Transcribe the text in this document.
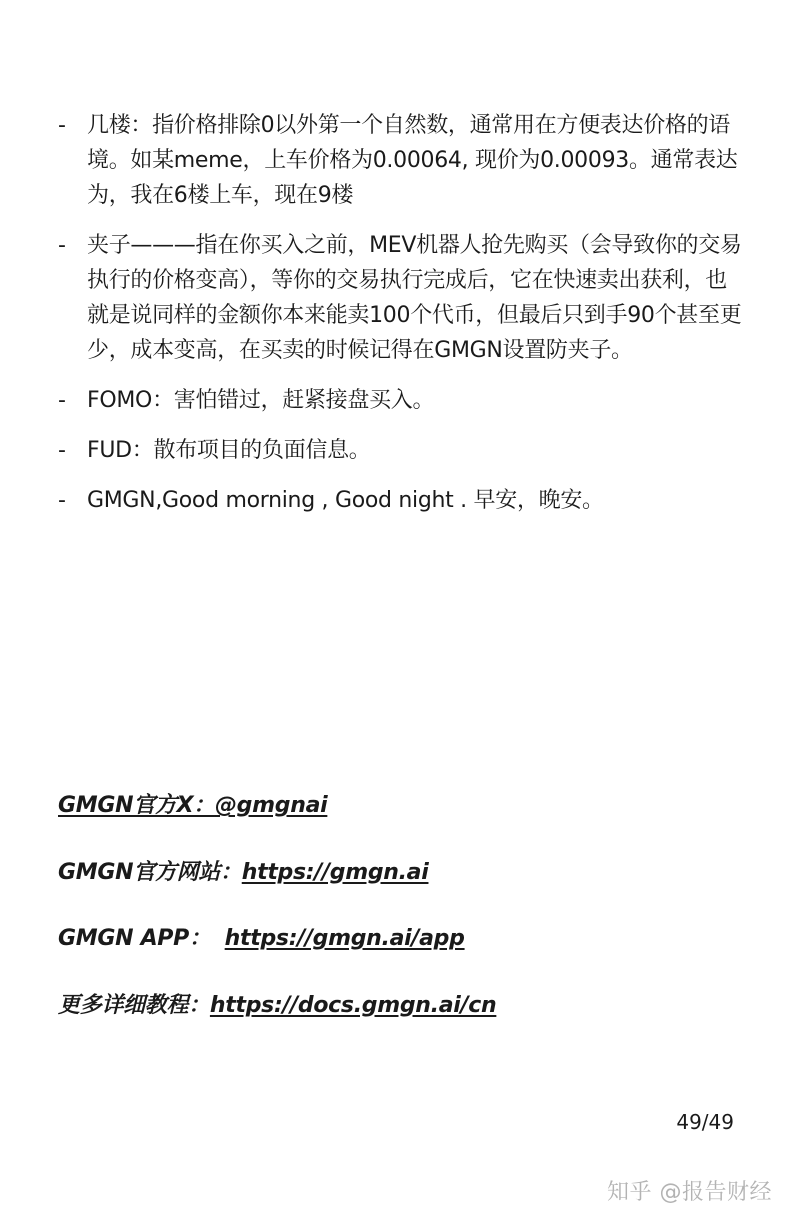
- 几楼：指价格排除0以外第一个自然数，通常用在方便表达价格的语境。如某meme，上车价格为0.00064, 现价为0.00093。通常表达为，我在6楼上车，现在9楼
- 夹子———指在你买入之前，MEV机器人抢先购买（会导致你的交易执行的价格变高），等你的交易执行完成后，它在快速卖出获利，也就是说同样的金额你本来能卖100个代币，但最后只到手90个甚至更少，成本变高，在买卖的时候记得在GMGN设置防夹子。
- FOMO：害怕错过，赶紧接盘买入。
- FUD：散布项目的负面信息。
- GMGN,Good morning , Good night . 早安，晚安。
GMGN官方X：@gmgnai
GMGN官方网站：https://gmgn.ai
GMGN APP： https://gmgn.ai/app
更多详细教程：https://docs.gmgn.ai/cn
49/49
知乎 @报告财经
